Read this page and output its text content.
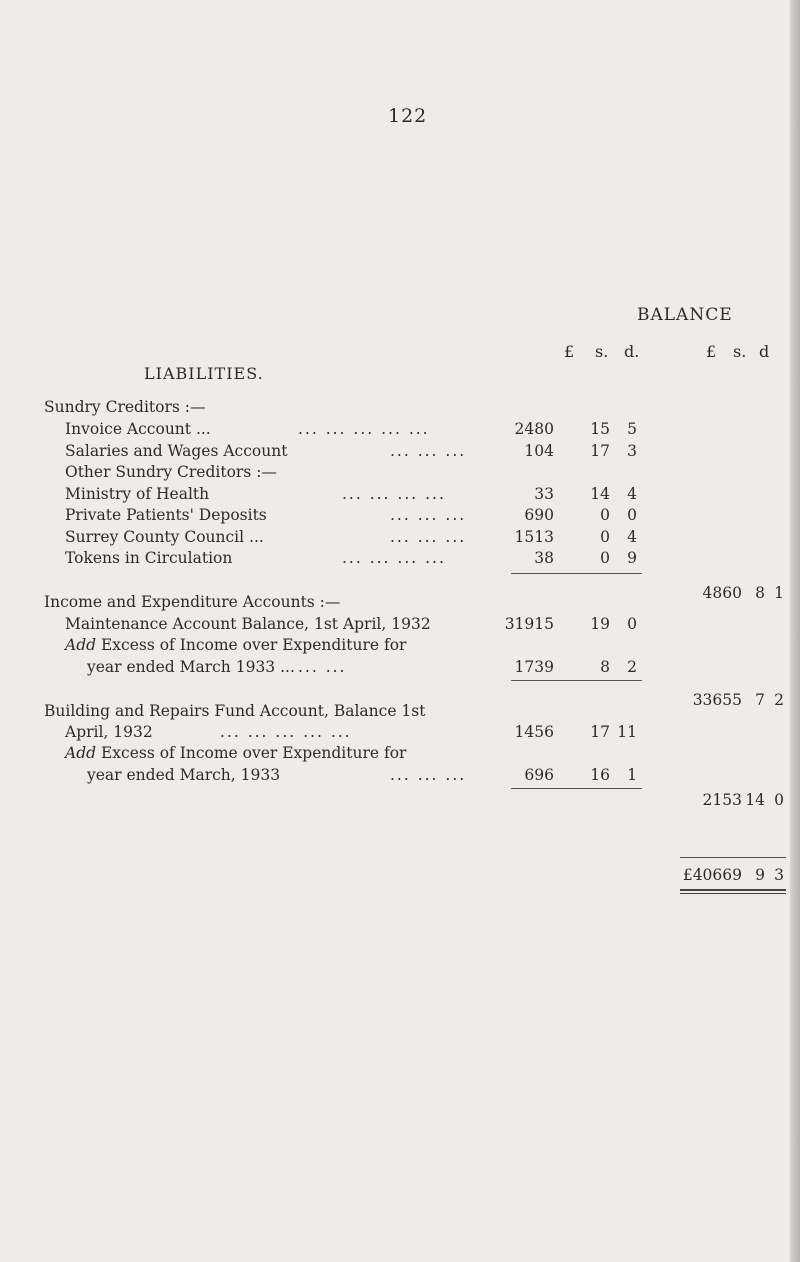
122
BALANCE
LIABILITIES.
£ s. d.	£ s. d
Sundry Creditors :—
Invoice Account ...	... ... ... ... ...	2480 15	5
Salaries and Wages Account	... ... ...	104 17	3
Other Sundry Creditors :—
Ministry of Health	... ... ... ...	33 14	4
Private Patients' Deposits	... ... ...	690	0	0
Surrey County Council ...	... ... ...	1513	0	4
Tokens in Circulation	... ... ... ...	38	0	9
4860 8 1
Income and Expenditure Accounts :—
Maintenance Account Balance, 1st April, 1932	31915 19	0
Add Excess of Income over Expenditure for
year ended March 1933 ... ... ...	1739	8	2
33655 7 2
Building and Repairs Fund Account, Balance 1st
April, 1932	... ... ... ... ...	1456 17 11
Add Excess of Income over Expenditure for
year ended March, 1933	... ... ...	696 16	1
2153 14 0
£40669 9 3
